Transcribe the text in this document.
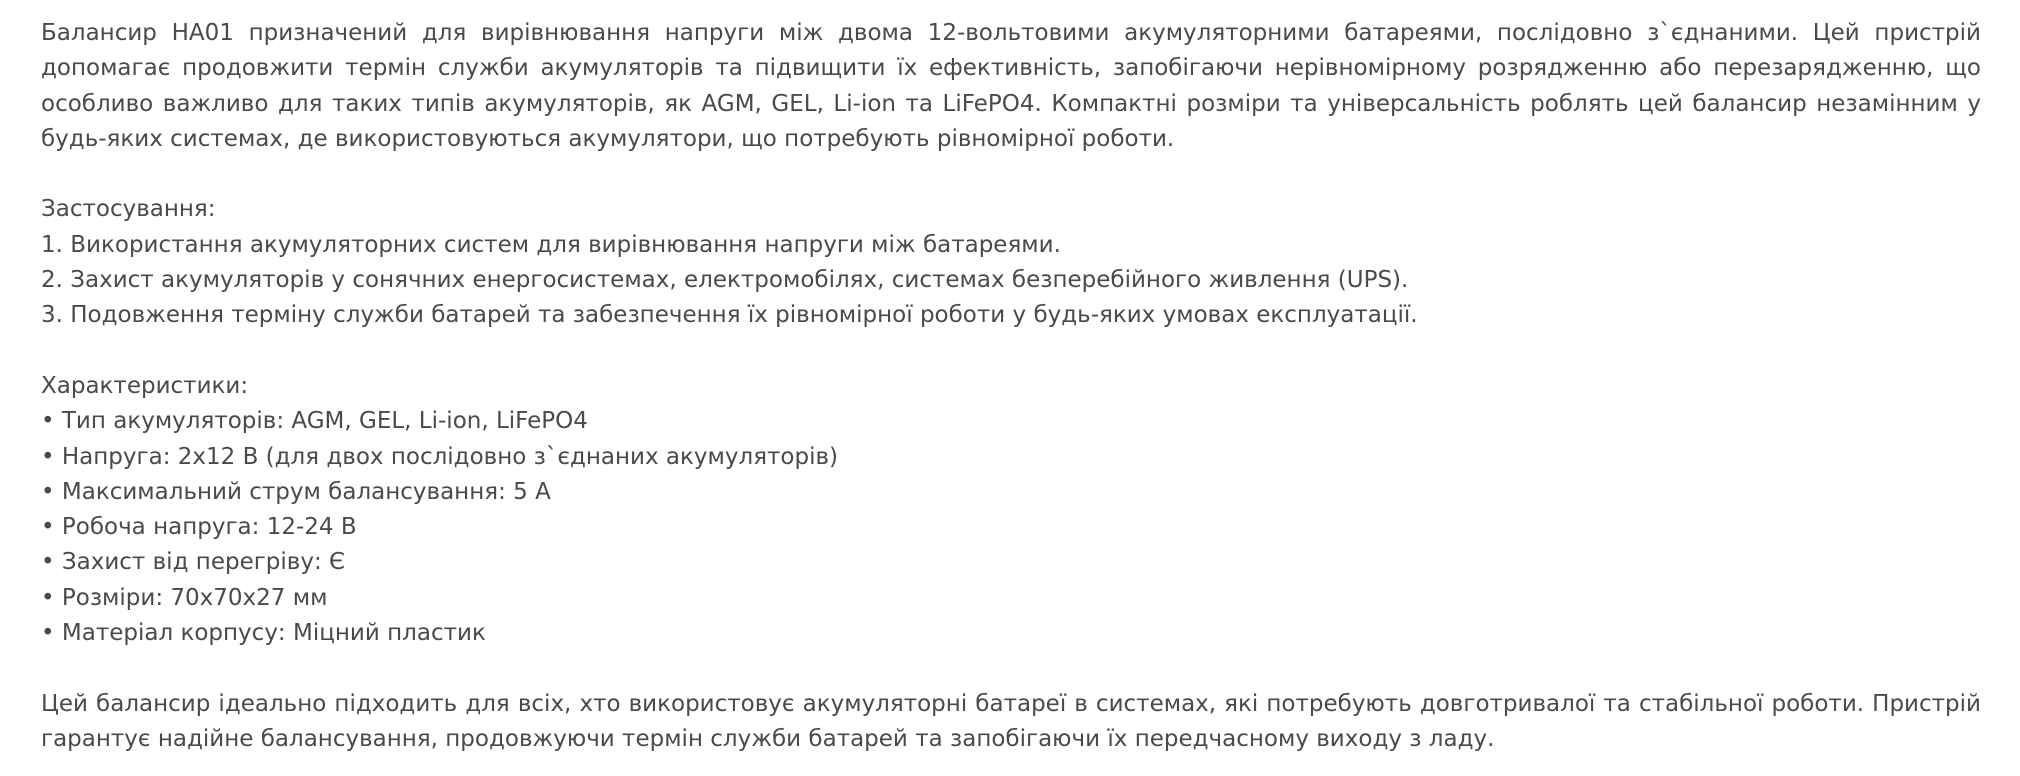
Балансир HA01 призначений для вирівнювання напруги між двома 12-вольтовими акумуляторними батареями, послідовно з`єднаними. Цей пристрій допомагає продовжити термін служби акумуляторів та підвищити їх ефективність, запобігаючи нерівномірному розрядженню або перезарядженню, що особливо важливо для таких типів акумуляторів, як AGM, GEL, Li-ion та LiFePO4. Компактні розміри та універсальність роблять цей балансир незамінним у будь-яких системах, де використовуються акумулятори, що потребують рівномірної роботи.

Застосування:

1. Використання акумуляторних систем для вирівнювання напруги між батареями.

2. Захист акумуляторів у сонячних енергосистемах, електромобілях, системах безперебійного живлення (UPS).

3. Подовження терміну служби батарей та забезпечення їх рівномірної роботи у будь-яких умовах експлуатації.

Характеристики:

• Тип акумуляторів: AGM, GEL, Li-ion, LiFePO4

• Напруга: 2x12 В (для двох послідовно з`єднаних акумуляторів)

• Максимальний струм балансування: 5 А

• Робоча напруга: 12-24 В

• Захист від перегріву: Є

• Розміри: 70x70x27 мм

• Матеріал корпусу: Міцний пластик

Цей балансир ідеально підходить для всіх, хто використовує акумуляторні батареї в системах, які потребують довготривалої та стабільної роботи. Пристрій гарантує надійне балансування, продовжуючи термін служби батарей та запобігаючи їх передчасному виходу з ладу.
